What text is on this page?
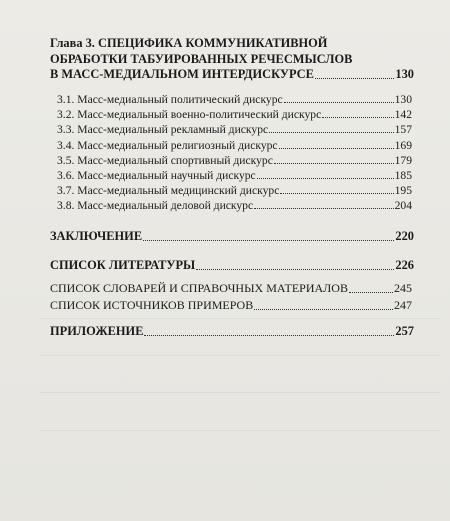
Глава 3. СПЕЦИФИКА КОММУНИКАТИВНОЙ
ОБРАБОТКИ ТАБУИРОВАННЫХ РЕЧЕСМЫСЛОВ
В МАСС-МЕДИАЛЬНОМ ИНТЕРДИСКУРСЕ	130
3.1. Масс-медиальный политический дискурс	130
3.2. Масс-медиальный военно-политический дискурс	142
3.3. Масс-медиальный рекламный дискурс	157
3.4. Масс-медиальный религиозный дискурс	169
3.5. Масс-медиальный спортивный дискурс	179
3.6. Масс-медиальный научный дискурс	185
3.7. Масс-медиальный медицинский дискурс	195
3.8. Масс-медиальный деловой дискурс	204
ЗАКЛЮЧЕНИЕ	220
СПИСОК ЛИТЕРАТУРЫ	226
СПИСОК СЛОВАРЕЙ И СПРАВОЧНЫХ МАТЕРИАЛОВ	245
СПИСОК ИСТОЧНИКОВ ПРИМЕРОВ	247
ПРИЛОЖЕНИЕ	257
